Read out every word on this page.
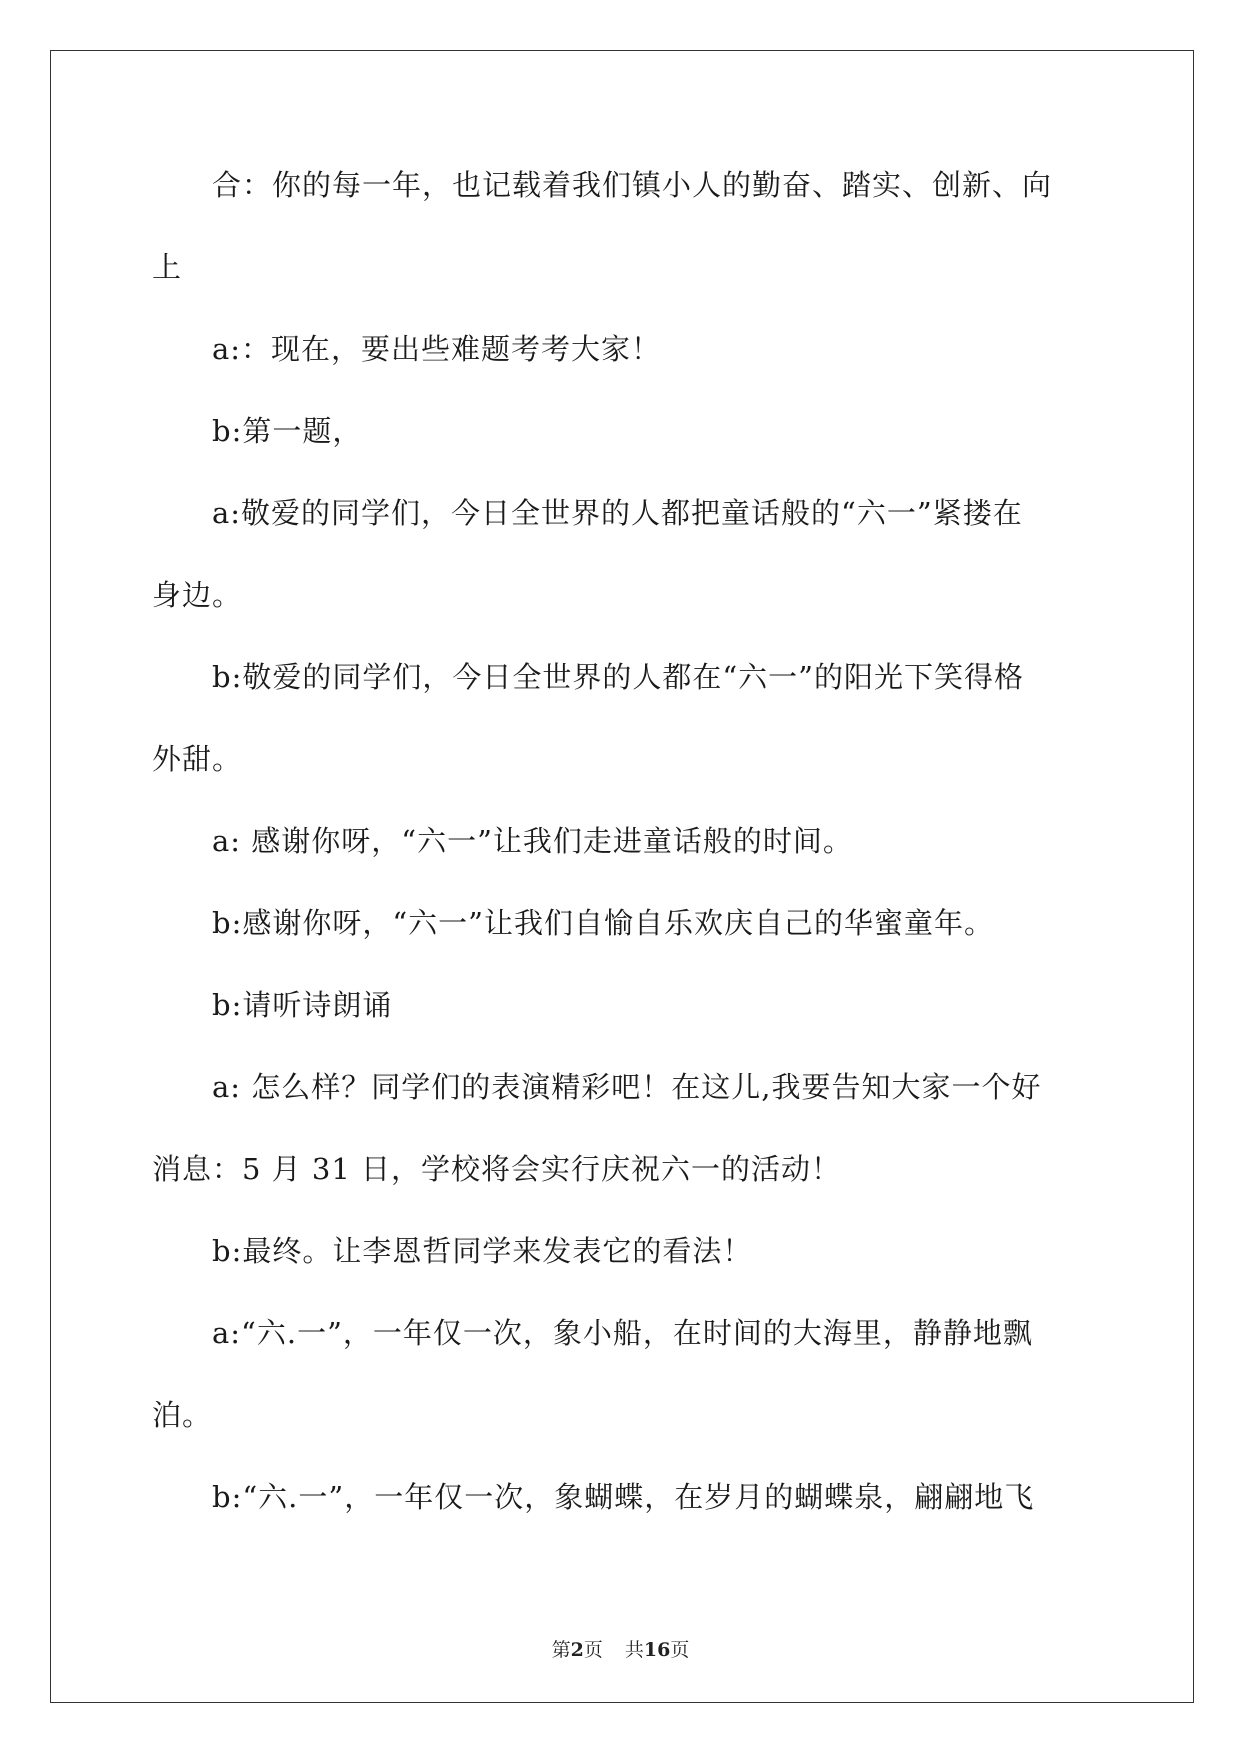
合：你的每一年，也记载着我们镇小人的勤奋、踏实、创新、向
上
a:：现在，要出些难题考考大家！
b:第一题，
a:敬爱的同学们，今日全世界的人都把童话般的“六一”紧搂在
身边。
b:敬爱的同学们，今日全世界的人都在“六一”的阳光下笑得格
外甜。
a: 感谢你呀，“六一”让我们走进童话般的时间。
b:感谢你呀，“六一”让我们自愉自乐欢庆自己的华蜜童年。
b:请听诗朗诵
a: 怎么样？同学们的表演精彩吧！在这儿,我要告知大家一个好
消息：5 月 31 日，学校将会实行庆祝六一的活动！
b:最终。让李恩哲同学来发表它的看法！
a:“六.一”，一年仅一次，象小船，在时间的大海里，静静地飘
泊。
b:“六.一”，一年仅一次，象蝴蝶，在岁月的蝴蝶泉，翩翩地飞
第2页 共16页
